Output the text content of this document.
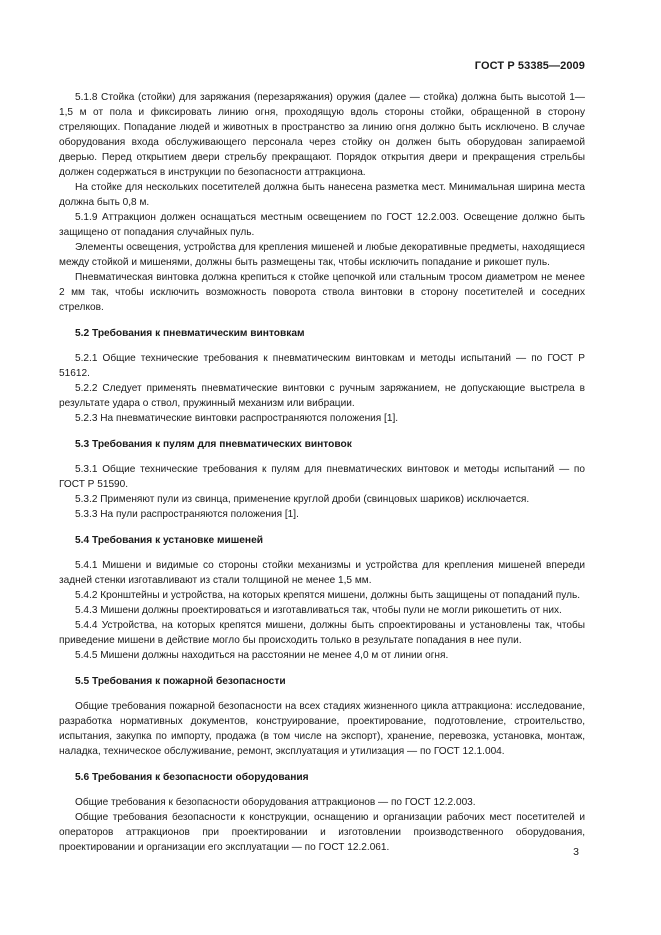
ГОСТ Р 53385—2009

5.1.8 Стойка (стойки) для заряжания (перезаряжания) оружия (далее — стойка) должна быть высотой 1—1,5 м от пола и фиксировать линию огня, проходящую вдоль стороны стойки, обращенной в сторону стреляющих. Попадание людей и животных в пространство за линию огня должно быть исключено. В случае оборудования входа обслуживающего персонала через стойку он должен быть оборудован запираемой дверью. Перед открытием двери стрельбу прекращают. Порядок открытия двери и прекращения стрельбы должен содержаться в инструкции по безопасности аттракциона.

На стойке для нескольких посетителей должна быть нанесена разметка мест. Минимальная ширина места должна быть 0,8 м.

5.1.9 Аттракцион должен оснащаться местным освещением по ГОСТ 12.2.003. Освещение должно быть защищено от попадания случайных пуль.

Элементы освещения, устройства для крепления мишеней и любые декоративные предметы, находящиеся между стойкой и мишенями, должны быть размещены так, чтобы исключить попадание и рикошет пуль.

Пневматическая винтовка должна крепиться к стойке цепочкой или стальным тросом диаметром не менее 2 мм так, чтобы исключить возможность поворота ствола винтовки в сторону посетителей и соседних стрелков.

5.2 Требования к пневматическим винтовкам

5.2.1 Общие технические требования к пневматическим винтовкам и методы испытаний — по ГОСТ Р 51612.

5.2.2 Следует применять пневматические винтовки с ручным заряжанием, не допускающие выстрела в результате удара о ствол, пружинный механизм или вибрации.

5.2.3 На пневматические винтовки распространяются положения [1].

5.3 Требования к пулям для пневматических винтовок

5.3.1 Общие технические требования к пулям для пневматических винтовок и методы испытаний — по ГОСТ Р 51590.

5.3.2 Применяют пули из свинца, применение круглой дроби (свинцовых шариков) исключается.

5.3.3 На пули распространяются положения [1].

5.4 Требования к установке мишеней

5.4.1 Мишени и видимые со стороны стойки механизмы и устройства для крепления мишеней впереди задней стенки изготавливают из стали толщиной не менее 1,5 мм.

5.4.2 Кронштейны и устройства, на которых крепятся мишени, должны быть защищены от попаданий пуль.

5.4.3 Мишени должны проектироваться и изготавливаться так, чтобы пули не могли рикошетить от них.

5.4.4 Устройства, на которых крепятся мишени, должны быть спроектированы и установлены так, чтобы приведение мишени в действие могло бы происходить только в результате попадания в нее пули.

5.4.5 Мишени должны находиться на расстоянии не менее 4,0 м от линии огня.

5.5 Требования к пожарной безопасности

Общие требования пожарной безопасности на всех стадиях жизненного цикла аттракциона: исследование, разработка нормативных документов, конструирование, проектирование, подготовление, строительство, испытания, закупка по импорту, продажа (в том числе на экспорт), хранение, перевозка, установка, монтаж, наладка, техническое обслуживание, ремонт, эксплуатация и утилизация — по ГОСТ 12.1.004.

5.6 Требования к безопасности оборудования

Общие требования к безопасности оборудования аттракционов — по ГОСТ 12.2.003.

Общие требования безопасности к конструкции, оснащению и организации рабочих мест посетителей и операторов аттракционов при проектировании и изготовлении производственного оборудования, проектировании и организации его эксплуатации — по ГОСТ 12.2.061.	3
